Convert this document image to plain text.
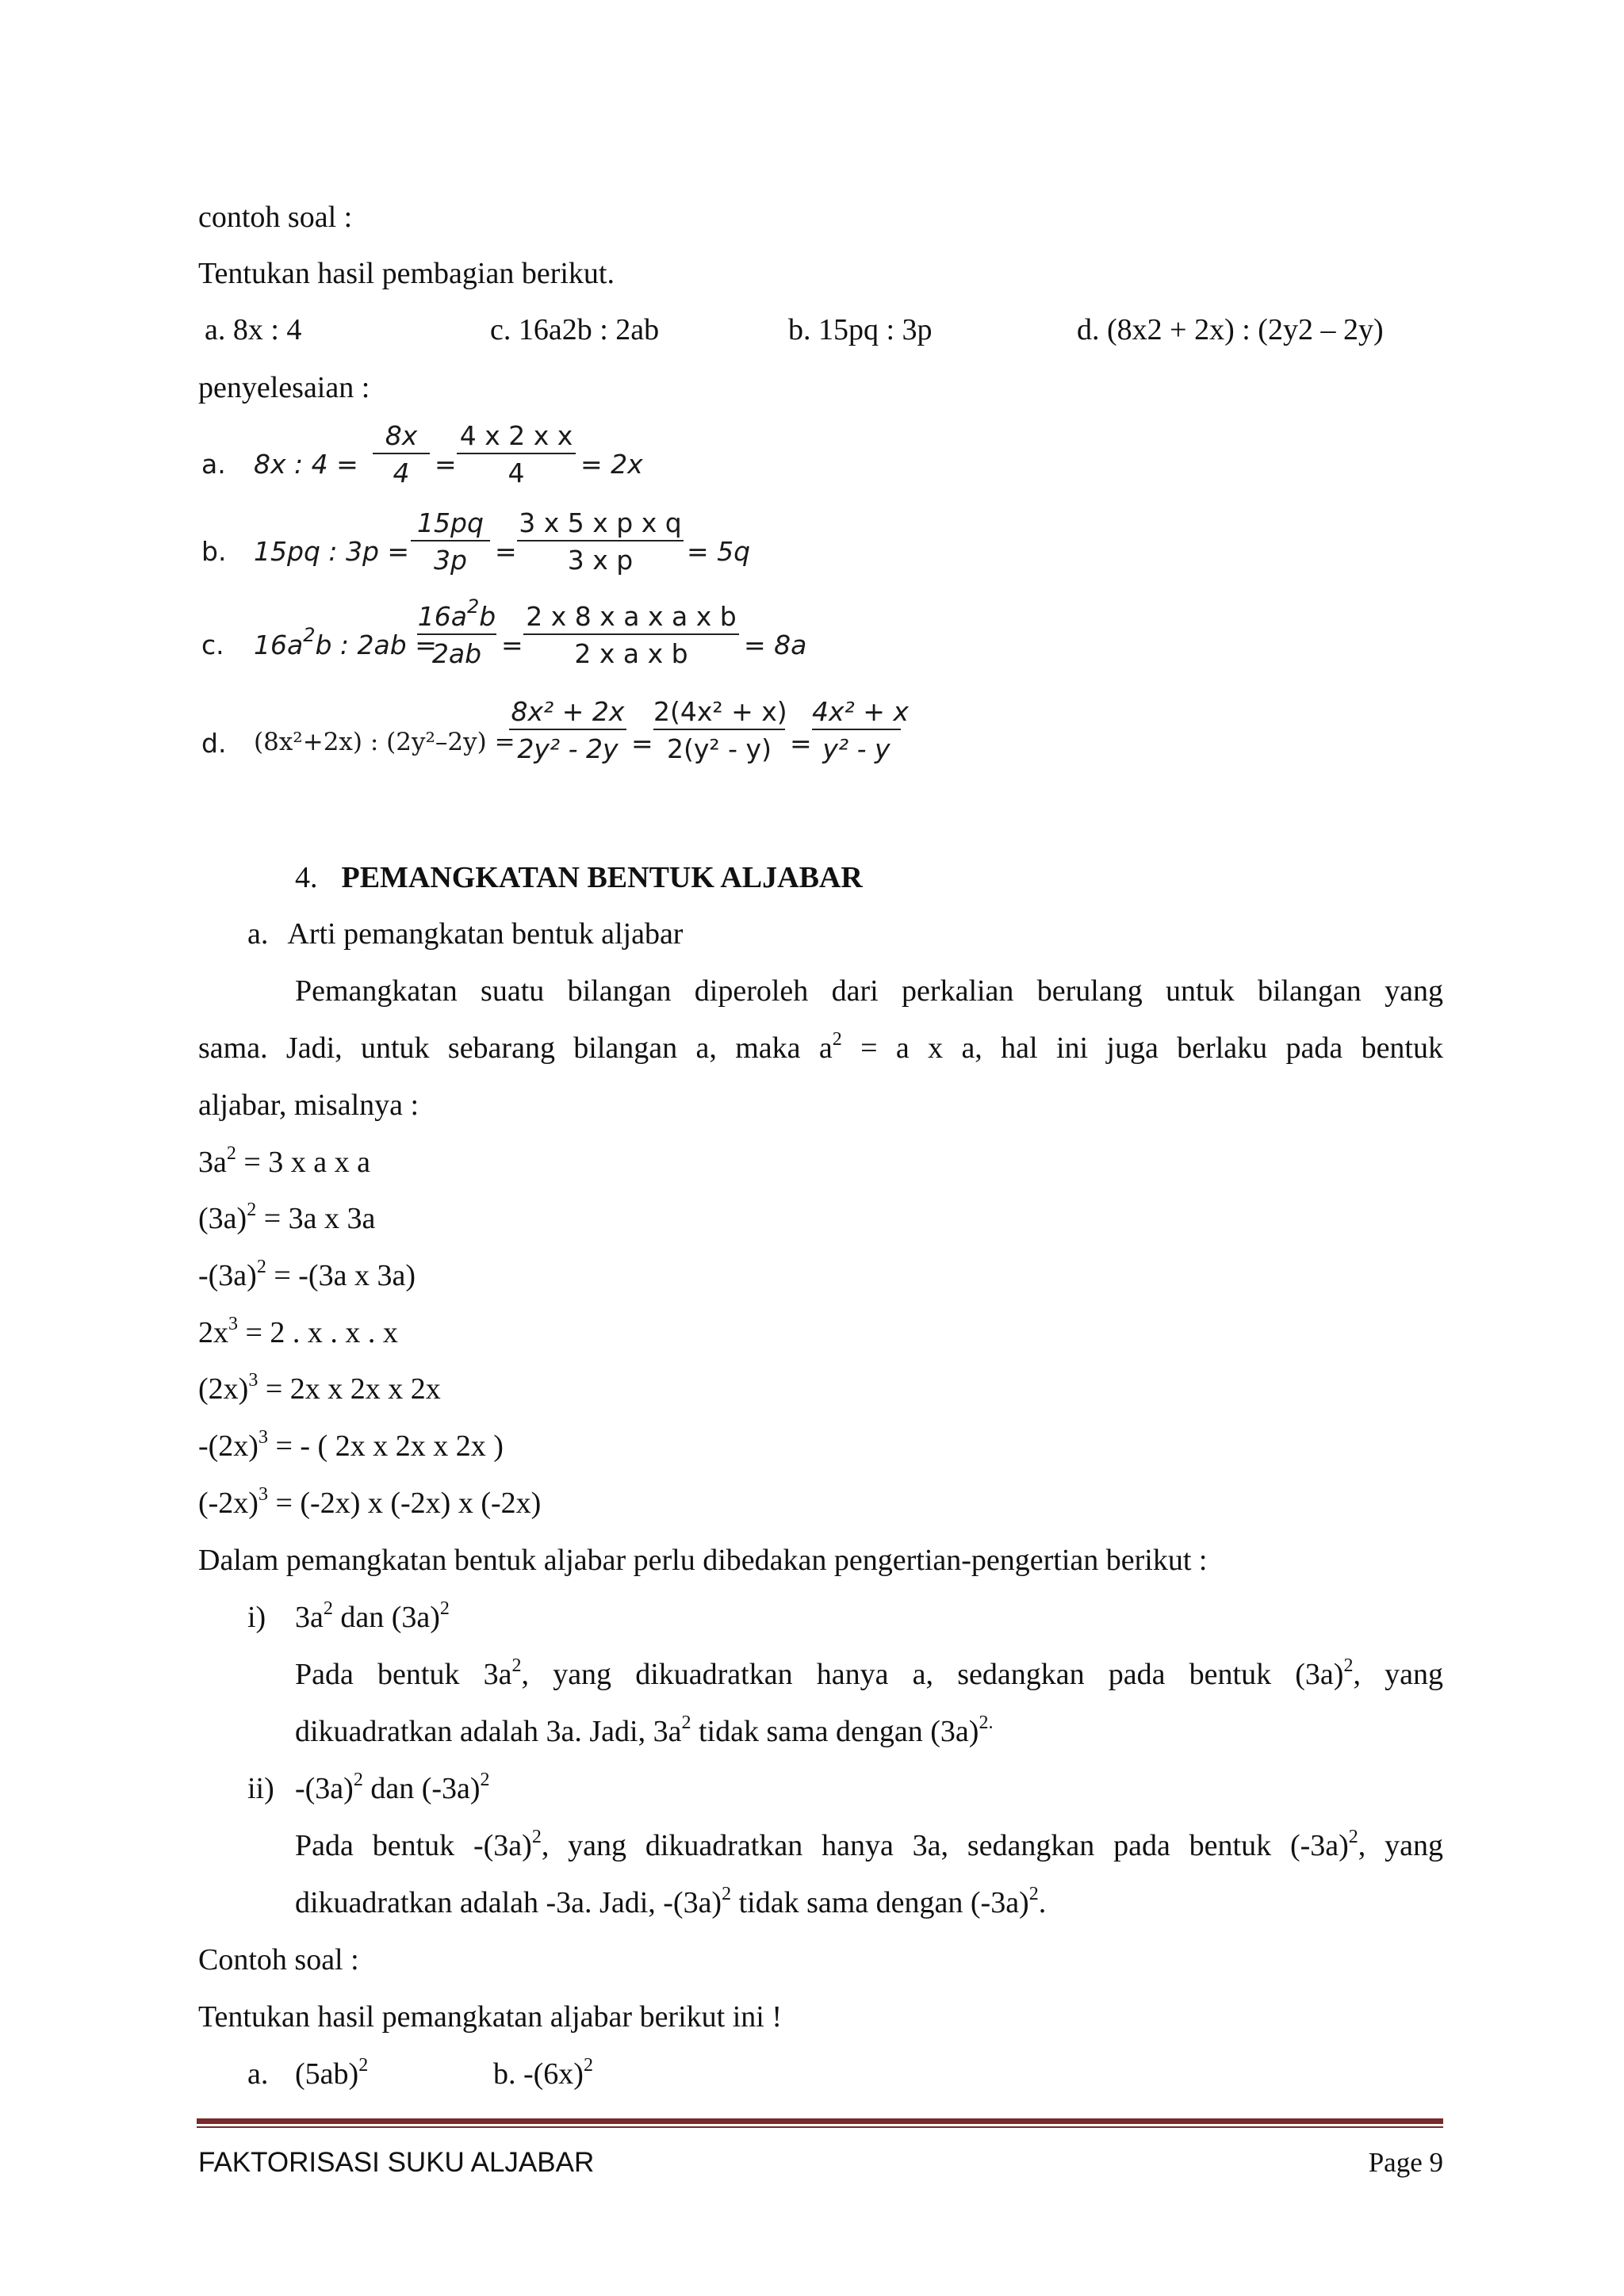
contoh soal :
Tentukan hasil pembagian berikut.
a. 8x : 4	c. 16a2b : 2ab	b. 15pq : 3p	d. (8x2 + 2x) : (2y2 – 2y)
penyelesaian :
a. 8x : 4 =
8x
4 =
4 x 2 x x
4	= 2x
b. 15pq : 3p =
15pq
3p	=
3 x 5 x p x q
3 x p	= 5q
c. $16a^2b$ : 2ab =
$16a^2b$
2ab =
2 x 8 x a x a x b
2 x a x b	= 8a
d. (8x²+2x) : (2y²–2y) =
8x² + 2x
2y² - 2y =
2(4x² + x)
2(y² - y) =
4x² + x
y² - y
4. PEMANGKATAN BENTUK ALJABAR
a. Arti pemangkatan bentuk aljabar
Pemangkatan suatu bilangan diperoleh dari perkalian berulang untuk bilangan yang
sama. Jadi, untuk sebarang bilangan a, maka $a^2 = a$ x a, hal ini juga berlaku pada bentuk
aljabar, misalnya :
$3a^2 = 3$ x a x a
$(3a)^2 = 3a$ x 3a
$-(3a)^2 = -(3a$ x 3a)
$2x^3 = 2$ . x . x . x
$(2x)^3 = 2x$ x 2x x 2x
$-(2x)^3$ = - ( 2x x 2x x 2x )
$(-2x)^3 = (-2x)$ x (-2x) x (-2x)
Dalam pemangkatan bentuk aljabar perlu dibedakan pengertian-pengertian berikut :
i) $3a^2$ dan $(3a)^2$
Pada bentuk $3a^2$, yang dikuadratkan hanya a, sedangkan pada bentuk $(3a)^2$, yang
dikuadratkan adalah 3a. Jadi, $3a^2$ tidak sama dengan $(3a)^{2.}$
ii) $-(3a)^2$ dan $(-3a)^2$
Pada bentuk $-(3a)^2$, yang dikuadratkan hanya 3a, sedangkan pada bentuk $(-3a)^2$, yang
dikuadratkan adalah -3a. Jadi, $-(3a)^2$ tidak sama dengan $(-3a)^2$.
Contoh soal :
Tentukan hasil pemangkatan aljabar berikut ini !
a. $(5ab)^2$	b. $-(6x)^2$
FAKTORISASI SUKU ALJABAR	Page 9
